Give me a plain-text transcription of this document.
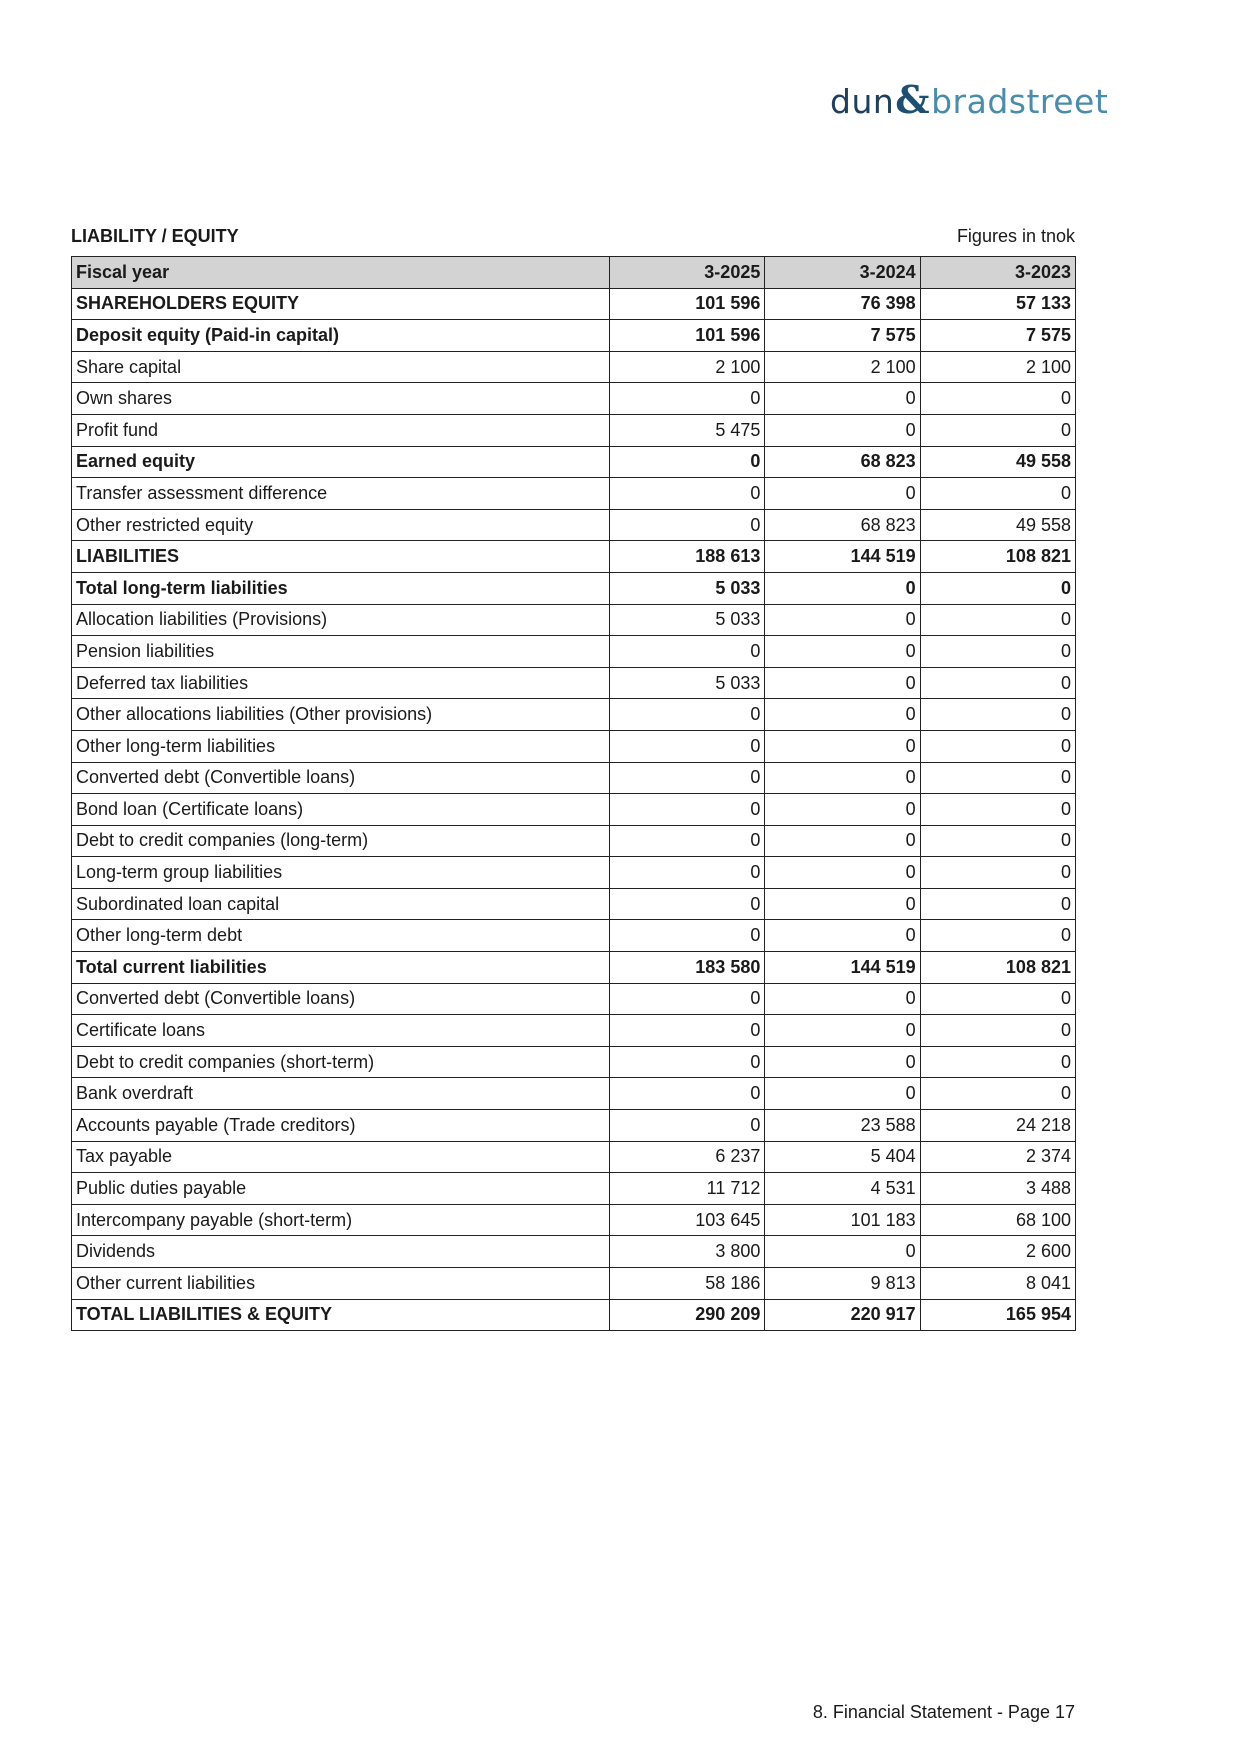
dun&bradstreet
LIABILITY / EQUITY	Figures in tnok
Fiscal year	3-2025	3-2024	3-2023
SHAREHOLDERS EQUITY	101 596	76 398	57 133
Deposit equity (Paid-in capital)	101 596	7 575	7 575
Share capital	2 100	2 100	2 100
Own shares	0	0	0
Profit fund	5 475	0	0
Earned equity	0	68 823	49 558
Transfer assessment difference	0	0	0
Other restricted equity	0	68 823	49 558
LIABILITIES	188 613	144 519	108 821
Total long-term liabilities	5 033	0	0
Allocation liabilities (Provisions)	5 033	0	0
Pension liabilities	0	0	0
Deferred tax liabilities	5 033	0	0
Other allocations liabilities (Other provisions)	0	0	0
Other long-term liabilities	0	0	0
Converted debt (Convertible loans)	0	0	0
Bond loan (Certificate loans)	0	0	0
Debt to credit companies (long-term)	0	0	0
Long-term group liabilities	0	0	0
Subordinated loan capital	0	0	0
Other long-term debt	0	0	0
Total current liabilities	183 580	144 519	108 821
Converted debt (Convertible loans)	0	0	0
Certificate loans	0	0	0
Debt to credit companies (short-term)	0	0	0
Bank overdraft	0	0	0
Accounts payable (Trade creditors)	0	23 588	24 218
Tax payable	6 237	5 404	2 374
Public duties payable	11 712	4 531	3 488
Intercompany payable (short-term)	103 645	101 183	68 100
Dividends	3 800	0	2 600
Other current liabilities	58 186	9 813	8 041
TOTAL LIABILITIES & EQUITY	290 209	220 917	165 954
8. Financial Statement - Page 17
